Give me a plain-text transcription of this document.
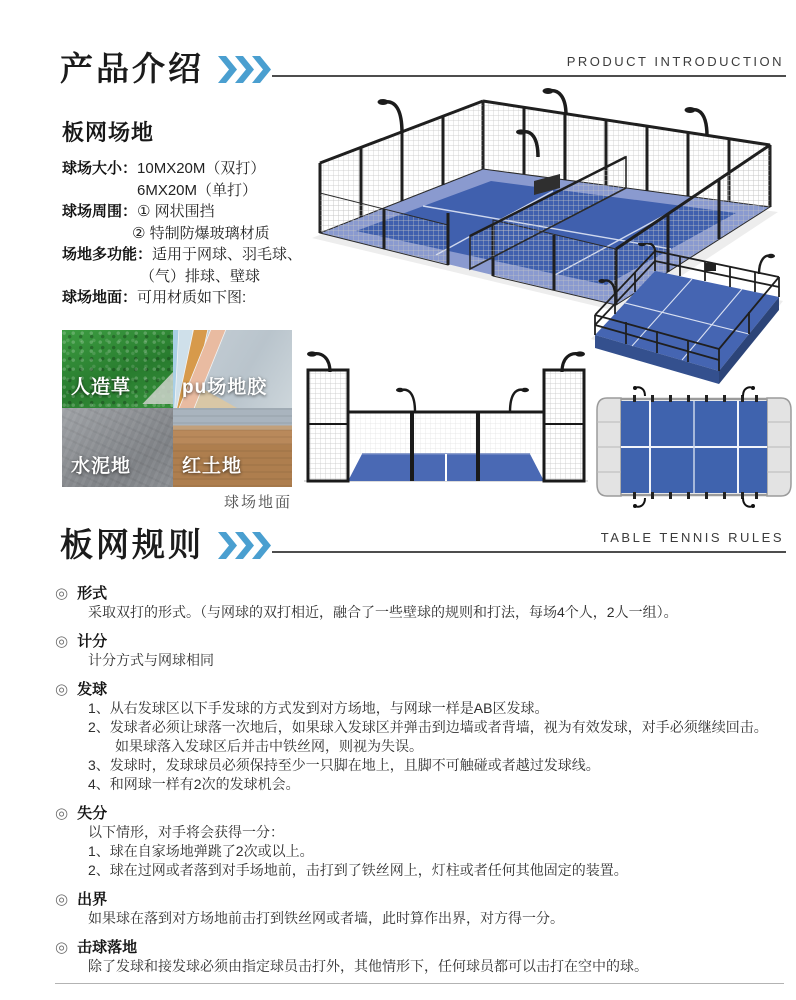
产品介绍	PRODUCT INTRODUCTION
板网场地
球场大小：10MX20M（双打）
6MX20M（单打）
球场周围：① 网状围挡
② 特制防爆玻璃材质
场地多功能：适用于网球、羽毛球、
（气）排球、壁球
球场地面：可用材质如下图:
人造草	pu场地胶
水泥地	红土地
球场地面
板网规则	TABLE TENNIS RULES
◎ 形式
采取双打的形式。（与网球的双打相近，融合了一些壁球的规则和打法，每场4个人，2人一组）。
◎ 计分
计分方式与网球相同
◎ 发球
1、从右发球区以下手发球的方式发到对方场地，与网球一样是AB区发球。
2、发球者必须让球落一次地后，如果球入发球区并弹击到边墙或者背墙，视为有效发球，对手必须继续回击。
如果球落入发球区后并击中铁丝网，则视为失误。
3、发球时，发球球员必须保持至少一只脚在地上，且脚不可触碰或者越过发球线。
4、和网球一样有2次的发球机会。
◎ 失分
以下情形，对手将会获得一分：
1、球在自家场地弹跳了2次或以上。
2、球在过网或者落到对手场地前，击打到了铁丝网上，灯柱或者任何其他固定的装置。
◎ 出界
如果球在落到对方场地前击打到铁丝网或者墙，此时算作出界，对方得一分。
◎ 击球落地
除了发球和接发球必须由指定球员击打外，其他情形下，任何球员都可以击打在空中的球。
